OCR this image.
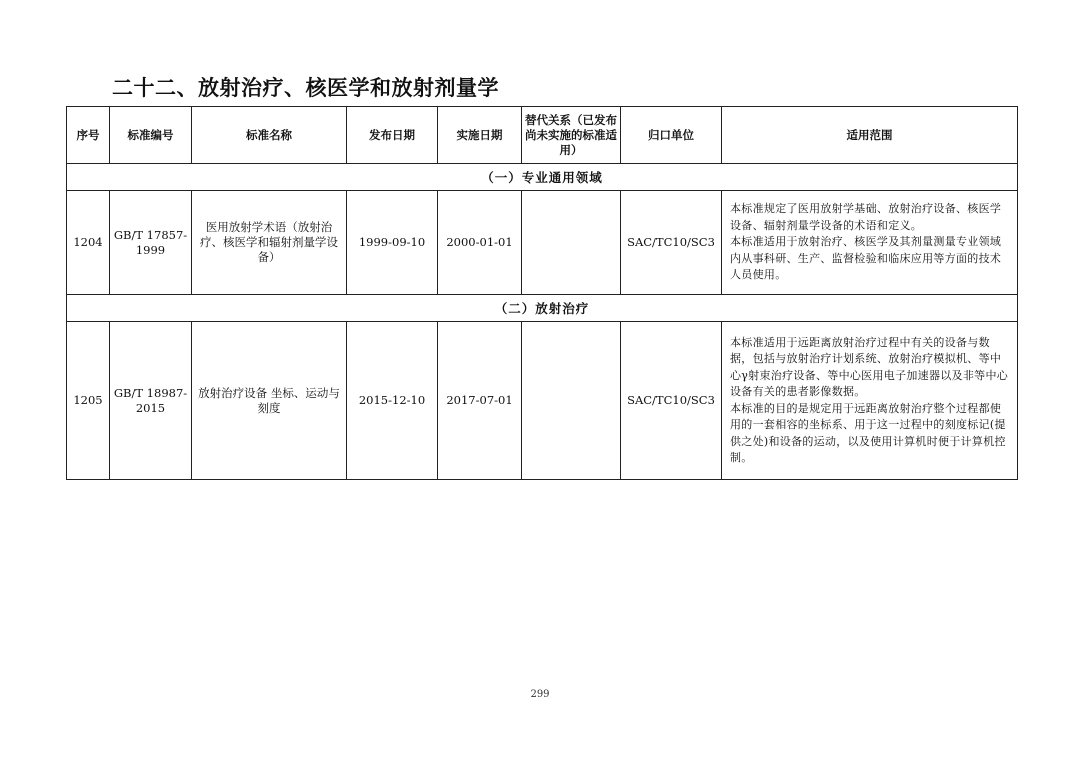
二十二、放射治疗、核医学和放射剂量学
序号	标准编号	标准名称	发布日期	实施日期	替代关系（已发布尚未实施的标准适用）	归口单位	适用范围
（一）专业通用领域							
1204	GB/T 17857-1999	医用放射学术语（放射治疗、核医学和辐射剂量学设备）	1999-09-10	2000-01-01		SAC/TC10/SC3	本标准规定了医用放射学基础、放射治疗设备、核医学设备、辐射剂量学设备的术语和定义。

本标准适用于放射治疗、核医学及其剂量测量专业领域内从事科研、生产、监督检验和临床应用等方面的技术人员使用。

（二）放射治疗							
1205	GB/T 18987-2015	放射治疗设备 坐标、运动与刻度	2015-12-10	2017-07-01		SAC/TC10/SC3	本标准适用于远距离放射治疗过程中有关的设备与数据，包括与放射治疗计划系统、放射治疗模拟机、等中心γ射束治疗设备、等中心医用电子加速器以及非等中心设备有关的患者影像数据。

本标准的目的是规定用于远距离放射治疗整个过程都使用的一套相容的坐标系、用于这一过程中的刻度标记(提供之处)和设备的运动，以及使用计算机时便于计算机控制。

299
